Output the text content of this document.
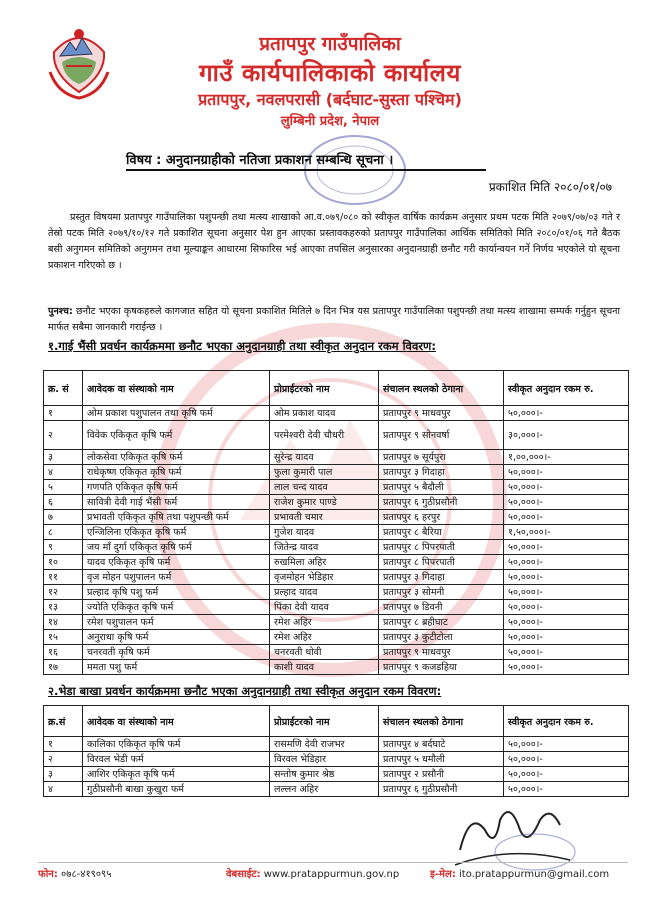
प्रतापपुर गाउँपालिका
गाउँ कार्यपालिकाको कार्यालय
प्रतापपुर, नवलपरासी (बर्दघाट-सुस्ता पश्चिम)
लुम्बिनी प्रदेश, नेपाल
विषय : अनुदानग्राहीको नतिजा प्रकाशन सम्बन्धि सूचना ।
प्रकाशित मिति २०८०/०१/०७
प्रस्तुत विषयमा प्रतापपुर गाउँपालिका पशुपन्छी तथा मत्स्य शाखाको आ.व.०७९/०८० को स्वीकृत वार्षिक कार्यक्रम अनुसार प्रथम पटक मिति २०७९/०७/०३ गते र तेस्रो पटक मिति २०७९/१०/१२ गते प्रकाशित सूचना अनुसार पेश हुन आएका प्रस्तावकहरुको प्रतापपुर गाउँपालिका आर्थिक समितिको मिति २०८०/०१/०६ गते बैठक बसी अनुगमन समितिको अनुगमन तथा मूल्याङ्कन आधारमा सिफारिस भई आएका तपसिल अनुसारका अनुदानग्राही छनौट गरी कार्यान्वयन गर्ने निर्णय भएकोले यो सूचना प्रकाशन गरिएको छ ।
पुनश्च: छनौट भएका कृषकहरुले कागजात सहित यो सूचना प्रकाशित मितिले ७ दिन भित्र यस प्रतापपुर गाउँपालिका पशुपन्छी तथा मत्स्य शाखामा सम्पर्क गर्नुहुन सूचना मार्फत सबैमा जानकारी गराईन्छ ।
१.गाई भैंसी प्रवर्धन कार्यक्रममा छनौट भएका अनुदानग्राही तथा स्वीकृत अनुदान रकम विवरण:
क्र. सं	आवेदक वा संस्थाको नाम	प्रोप्राईटरको नाम	संचालन स्थलको ठेगाना	स्वीकृत अनुदान रकम रु.
१	ओम प्रकाश पशुपालन तथा कृषि फर्म	ओम प्रकाश यादव	प्रतापपुर ९ माधवपुर	५०,०००।-
२	विवेक एकिकृत कृषि फर्म	परमेश्वरी देवी चौधरी	प्रतापपुर ९ सोनवर्षा	३०,०००।-
३	लोकसेवा एकिकृत कृषि फर्म	सुरेन्द्र यादव	प्रतापपुर ७ सूर्यपुरा	१,००,०००।-
४	राधेकृष्ण एकिकृत कृषि फर्म	फुला कुमारी पाल	प्रतापपुर ३ गिदाहा	५०,०००।-
५	गणपति एकिकृत कृषि फर्म	लाल चन्द यादव	प्रतापपुर ५ बैदौली	५०,०००।-
६	सावित्री देवी गाई भैंसी फर्म	राजेश कुमार पाण्डे	प्रतापपुर ६ गुठीप्रसौनी	५०,०००।-
७	प्रभावती एकिकृत कृषि तथा पशुपन्छी फर्म	प्रभावती चमार	प्रतापपुर ६ हरपुर	५०,०००।-
८	एन्जिलिना एकिकृत कृषि फर्म	गुजेश यादव	प्रतापपुर ८ बैरिया	१,५०,०००।-
९	जय माँ दुर्गा एकिकृत कृषि फर्म	जितेन्द्र यादव	प्रतापपुर ८ पिपरपाती	५०,०००।-
१०	यादव एकिकृत कृषि फर्म	रुखमिला अहिर	प्रतापपुर ८ पिपरपाती	५०,०००।-
११	वृज मोहन पशुपालन फर्म	वृजमोहन भेडिहार	प्रतापपुर ३ गिदाहा	५०,०००।-
१२	प्रल्हाद कृषि पशु फर्म	प्रल्हाद यादव	प्रतापपुर ३ सोमनी	५०,०००।-
१३	ज्योति एकिकृत कृषि फर्म	पिंका देवी यादव	प्रतापपुर ७ डिवनी	५०,०००।-
१४	रमेश पशुपालन फर्म	रमेश अहिर	प्रतापपुर ८ ब्रहीघाट	५०,०००।-
१५	अनुराधा कृषि फर्म	रमेश अहिर	प्रतापपुर ३ कुटीटोला	५०,०००।-
१६	चनरवती कृषि फर्म	चनरवती धोवी	प्रतापपुर ९ माधवपुर	५०,०००।-
१७	ममता पशु फर्म	काशी यादव	प्रतापपुर ९ कजडहिया	५०,०००।-
२.भेडा बाखा प्रवर्धन कार्यक्रममा छनौट भएका अनुदानग्राही तथा स्वीकृत अनुदान रकम विवरण:
क्र.सं	आवेदक वा संस्थाको नाम	प्रोप्राईटरको नाम	संचालन स्थलको ठेगाना	स्वीकृत अनुदान रकम रु.
१	कालिका एकिकृत कृषि फर्म	रासमणि देवी राजभर	प्रतापपुर ४ बर्दघाटे	५०,०००।-
२	विरवल भेडी फर्म	विरवल भेडिहार	प्रतापपुर ५ धमौली	५०,०००।-
३	आशिर एकिकृत कृषि फर्म	सन्तोष कुमार श्रेष्ठ	प्रतापपुर २ प्रसौनी	५०,०००।-
४	गुठीप्रसौनी बाखा कुखुरा फर्म	लल्लन अहिर	प्रतापपुर ६ गुठीप्रसौनी	५०,०००।-
फोन: ०७८-४१९०९५	वेबसाईट: www.pratappurmun.gov.np	इ-मेल: ito.pratappurmun@gmail.com
